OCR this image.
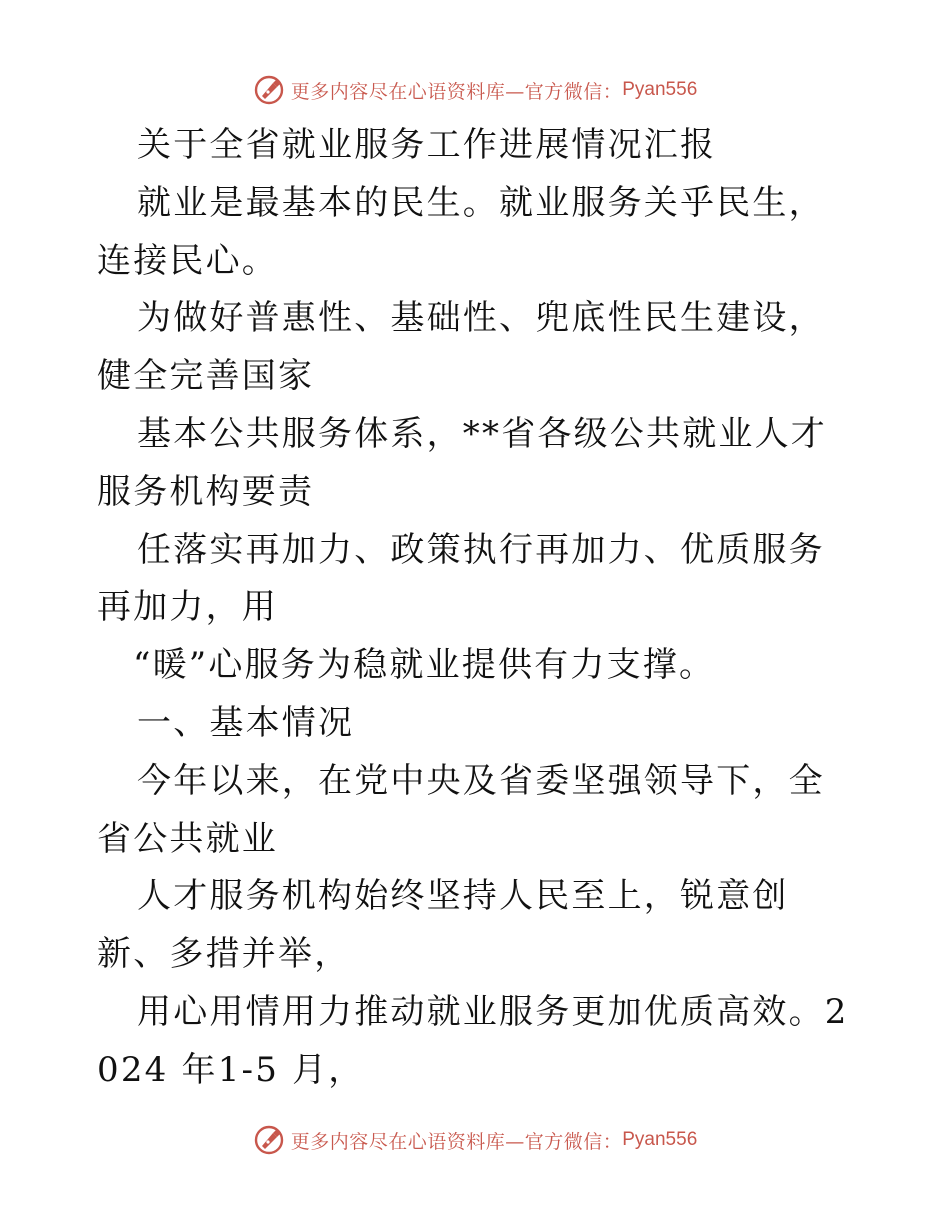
更多内容尽在心语资料库—官方微信： Pyan556

关于全省就业服务工作进展情况汇报

就业是最基本的民生。就业服务关乎民生，连接民心。

为做好普惠性、基础性、兜底性民生建设，健全完善国家

基本公共服务体系，**省各级公共就业人才服务机构要责

任落实再加力、政策执行再加力、优质服务再加力，用

“暖”心服务为稳就业提供有力支撑。

一、基本情况

今年以来，在党中央及省委坚强领导下，全省公共就业

人才服务机构始终坚持人民至上，锐意创新、多措并举，

用心用情用力推动就业服务更加优质高效。2024 年1-5 月，

更多内容尽在心语资料库—官方微信： Pyan556
